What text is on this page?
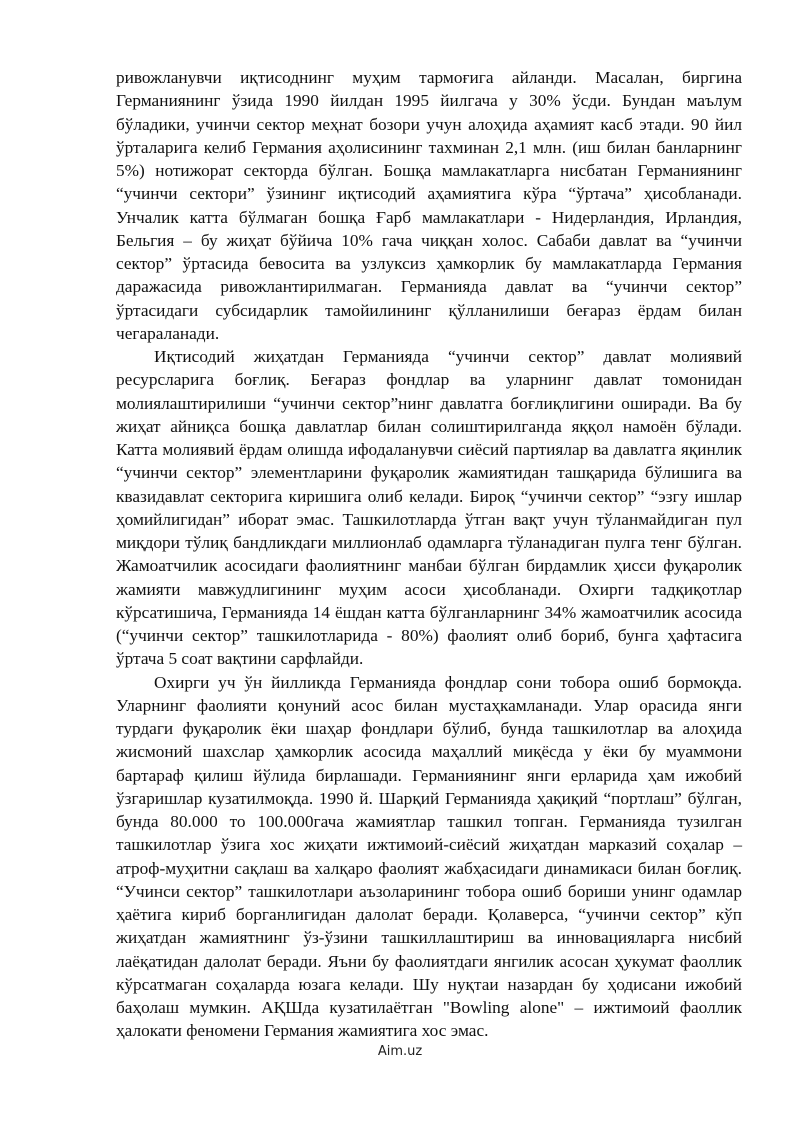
ривожланувчи иқтисоднинг муҳим тармоғига айланди. Масалан, биргина Германиянинг ўзида 1990 йилдан 1995 йилгача у 30% ўсди. Бундан маълум бўладики, учинчи сектор меҳнат бозори учун алоҳида аҳамият касб этади. 90 йил ўрталарига келиб Германия аҳолисининг тахминан 2,1 млн. (иш билан банларнинг 5%) нотижорат секторда бўлган. Бошқа мамлакатларга нисбатан Германиянинг “учинчи сектори” ўзининг иқтисодий аҳамиятига кўра “ўртача” ҳисобланади. Унчалик катта бўлмаган бошқа Ғарб мамлакатлари - Нидерландия, Ирландия, Бельгия – бу жиҳат бўйича 10% гача чиққан холос. Сабаби давлат ва “учинчи сектор” ўртасида бевосита ва узлуксиз ҳамкорлик бу мамлакатларда Германия даражасида ривожлантирилмаган. Германияда давлат ва “учинчи сектор” ўртасидаги субсидарлик тамойилининг қўлланилиши беғараз ёрдам билан чегараланади.

Иқтисодий жиҳатдан Германияда “учинчи сектор” давлат молиявий ресурсларига боғлиқ. Беғараз фондлар ва уларнинг давлат томонидан молиялаштирилиши “учинчи сектор”нинг давлатга боғлиқлигини оширади. Ва бу жиҳат айниқса бошқа давлатлар билан солиштирилганда яққол намоён бўлади. Катта молиявий ёрдам олишда ифодаланувчи сиёсий партиялар ва давлатга яқинлик “учинчи сектор” элементларини фуқаролик жамиятидан ташқарида бўлишига ва квазидавлат секторига киришига олиб келади. Бироқ “учинчи сектор” “эзгу ишлар ҳомийлигидан” иборат эмас. Ташкилотларда ўтган вақт учун тўланмайдиган пул миқдори тўлиқ бандликдаги миллионлаб одамларга тўланадиган пулга тенг бўлган. Жамоатчилик асосидаги фаолиятнинг манбаи бўлган бирдамлик ҳисси фуқаролик жамияти мавжудлигининг муҳим асоси ҳисобланади. Охирги тадқиқотлар кўрсатишича, Германияда 14 ёшдан катта бўлганларнинг 34% жамоатчилик асосида (“учинчи сектор” ташкилотларида - 80%) фаолият олиб бориб, бунга ҳафтасига ўртача 5 соат вақтини сарфлайди.

Охирги уч ўн йилликда Германияда фондлар сони тобора ошиб бормоқда. Уларнинг фаолияти қонуний асос билан мустаҳкамланади. Улар орасида янги турдаги фуқаролик ёки шаҳар фондлари бўлиб, бунда ташкилотлар ва алоҳида жисмоний шахслар ҳамкорлик асосида маҳаллий миқёсда у ёки бу муаммони бартараф қилиш йўлида бирлашади. Германиянинг янги ерларида ҳам ижобий ўзгаришлар кузатилмоқда. 1990 й. Шарқий Германияда ҳақиқий “портлаш” бўлган, бунда 80.000 то 100.000гача жамиятлар ташкил топган. Германияда тузилган ташкилотлар ўзига хос жиҳати ижтимоий-сиёсий жиҳатдан марказий соҳалар – атроф-муҳитни сақлаш ва халқаро фаолият жабҳасидаги динамикаси билан боғлиқ. “Учинси сектор” ташкилотлари аъзоларининг тобора ошиб бориши унинг одамлар ҳаётига кириб борганлигидан далолат беради. Қолаверса, “учинчи сектор” кўп жиҳатдан жамиятнинг ўз-ўзини ташкиллаштириш ва инновацияларга нисбий лаёқатидан далолат беради. Яъни бу фаолиятдаги янгилик асосан ҳукумат фаоллик кўрсатмаган соҳаларда юзага келади. Шу нуқтаи назардан бу ҳодисани ижобий баҳолаш мумкин. АҚШда кузатилаётган "Bowling alone" – ижтимоий фаоллик ҳалокати феномени Германия жамиятига хос эмас.

Aim.uz
